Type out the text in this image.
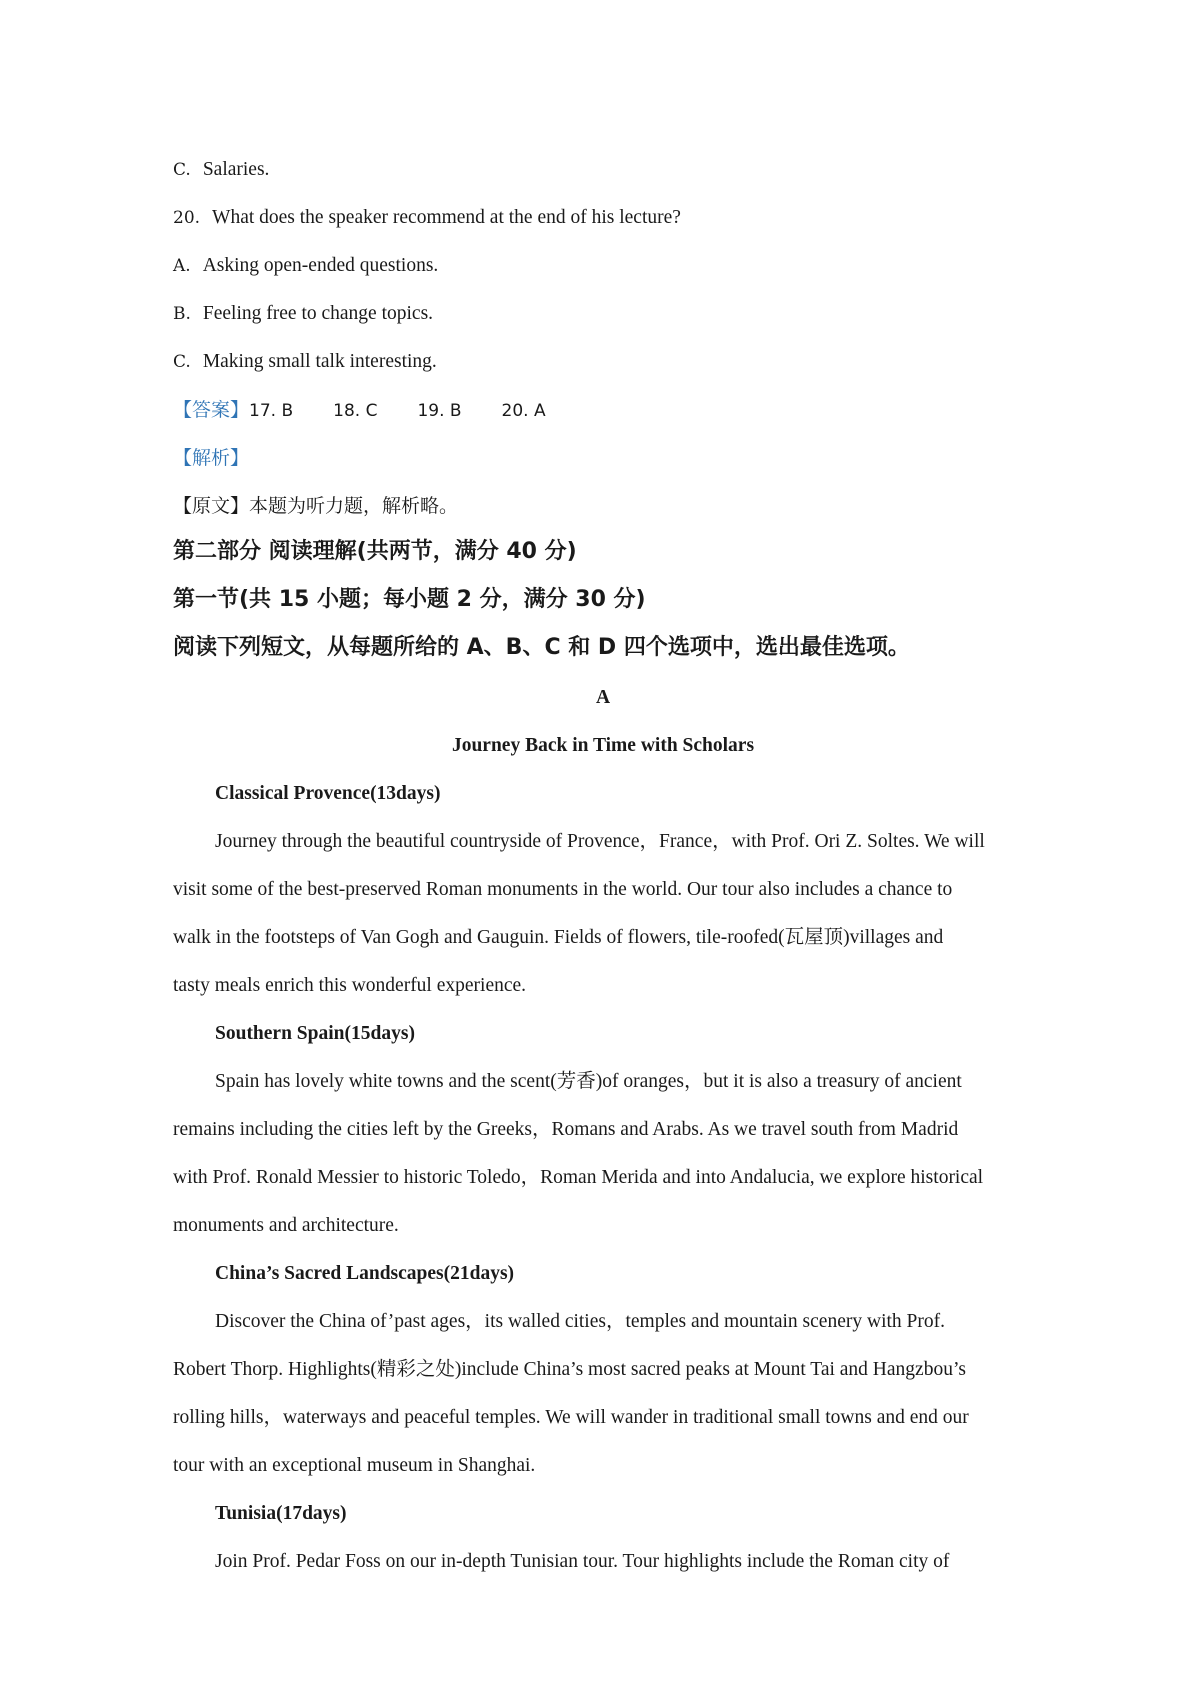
C. Salaries.
20. What does the speaker recommend at the end of his lecture?
A. Asking open-ended questions.
B. Feeling free to change topics.
C. Making small talk interesting.
【答案】17. B 18. C 19. B 20. A
【解析】
【原文】本题为听力题，解析略。
第二部分 阅读理解(共两节，满分 40 分)
第一节(共 15 小题；每小题 2 分，满分 30 分)
阅读下列短文，从每题所给的 A、B、C 和 D 四个选项中，选出最佳选项。
A
Journey Back in Time with Scholars
Classical Provence(13days)
Journey through the beautiful countryside of Provence，France，with Prof. Ori Z. Soltes. We will
visit some of the best-preserved Roman monuments in the world. Our tour also includes a chance to
walk in the footsteps of Van Gogh and Gauguin. Fields of flowers, tile-roofed(瓦屋顶)villages and
tasty meals enrich this wonderful experience.
Southern Spain(15days)
Spain has lovely white towns and the scent(芳香)of oranges，but it is also a treasury of ancient
remains including the cities left by the Greeks，Romans and Arabs. As we travel south from Madrid
with Prof. Ronald Messier to historic Toledo，Roman Merida and into Andalucia, we explore historical
monuments and architecture.
China’s Sacred Landscapes(21days)
Discover the China of’past ages，its walled cities，temples and mountain scenery with Prof.
Robert Thorp. Highlights(精彩之处)include China’s most sacred peaks at Mount Tai and Hangzbou’s
rolling hills，waterways and peaceful temples. We will wander in traditional small towns and end our
tour with an exceptional museum in Shanghai.
Tunisia(17days)
Join Prof. Pedar Foss on our in-depth Tunisian tour. Tour highlights include the Roman city of
